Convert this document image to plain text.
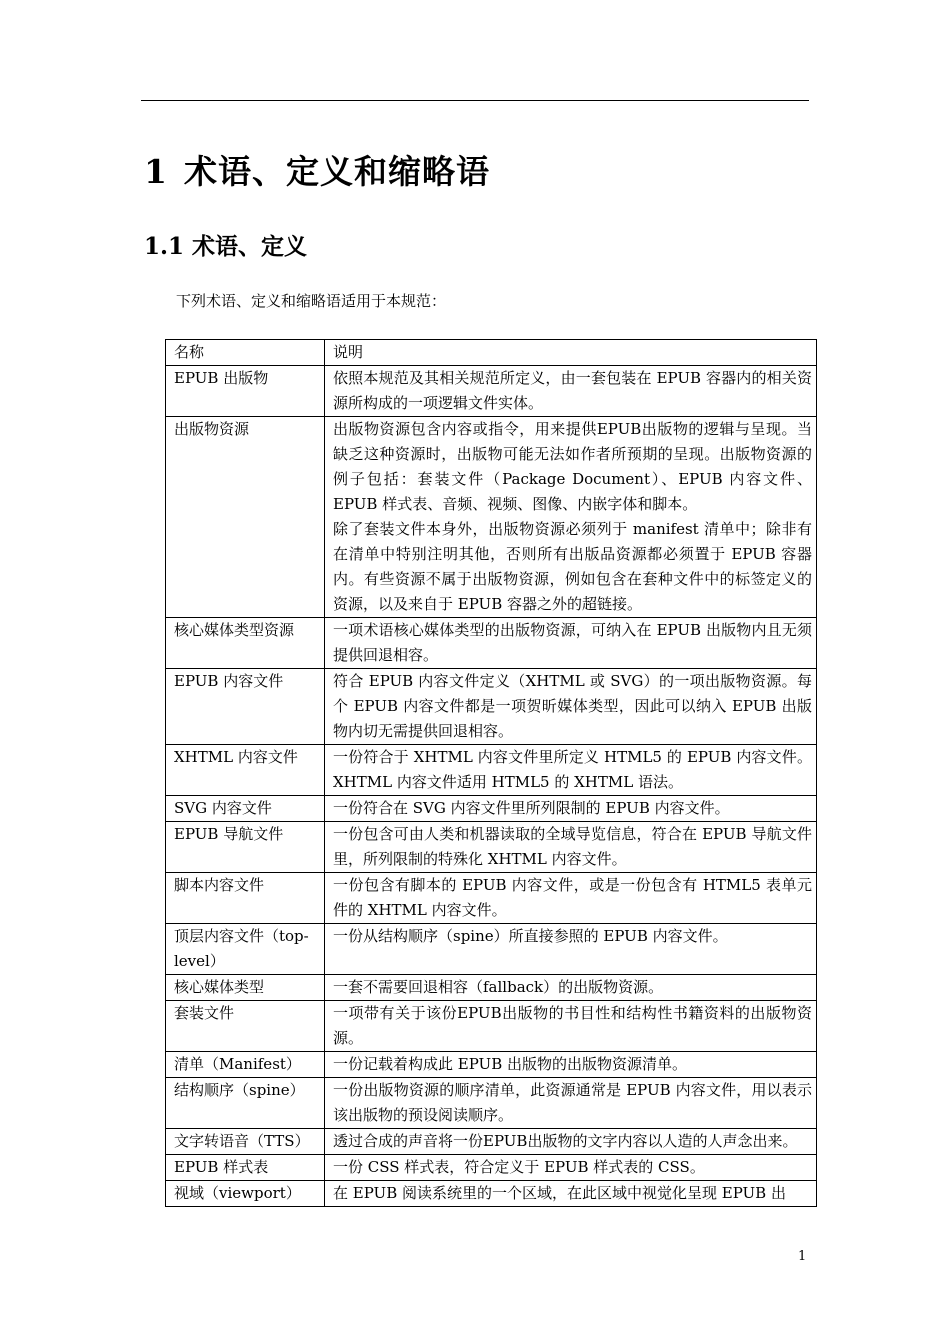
1 术语、定义和缩略语
1.1 术语、定义
下列术语、定义和缩略语适用于本规范：
名称	说明
EPUB 出版物	依照本规范及其相关规范所定义，由一套包装在 EPUB 容器内的相关资源所构成的一项逻辑文件实体。

出版物资源	出版物资源包含内容或指令，用来提供EPUB出版物的逻辑与呈现。当缺乏这种资源时，出版物可能无法如作者所预期的呈现。出版物资源的例子包括：套装文件（Package Document）、EPUB 内容文件、EPUB 样式表、音频、视频、图像、内嵌字体和脚本。
除了套装文件本身外，出版物资源必须列于 manifest 清单中；除非有在清单中特别注明其他，否则所有出版品资源都必须置于 EPUB 容器内。有些资源不属于出版物资源，例如包含在套种文件中的标签定义的资源，以及来自于 EPUB 容器之外的超链接。

核心媒体类型资源	一项术语核心媒体类型的出版物资源，可纳入在 EPUB 出版物内且无须提供回退相容。

EPUB 内容文件	符合 EPUB 内容文件定义（XHTML 或 SVG）的一项出版物资源。每个 EPUB 内容文件都是一项贺昕媒体类型，因此可以纳入 EPUB 出版物内切无需提供回退相容。

XHTML 内容文件	一份符合于 XHTML 内容文件里所定义 HTML5 的 EPUB 内容文件。XHTML 内容文件适用 HTML5 的 XHTML 语法。

SVG 内容文件	一份符合在 SVG 内容文件里所列限制的 EPUB 内容文件。

EPUB 导航文件	一份包含可由人类和机器读取的全域导览信息，符合在 EPUB 导航文件里，所列限制的特殊化 XHTML 内容文件。

脚本内容文件	一份包含有脚本的 EPUB 内容文件，或是一份包含有 HTML5 表单元件的 XHTML 内容文件。

顶层内容文件（top-level）	一份从结构顺序（spine）所直接参照的 EPUB 内容文件。

核心媒体类型	一套不需要回退相容（fallback）的出版物资源。

套装文件	一项带有关于该份EPUB出版物的书目性和结构性书籍资料的出版物资源。

清单（Manifest）	一份记载着构成此 EPUB 出版物的出版物资源清单。

结构顺序（spine）	一份出版物资源的顺序清单，此资源通常是 EPUB 内容文件，用以表示该出版物的预设阅读顺序。

文字转语音（TTS）	透过合成的声音将一份EPUB出版物的文字内容以人造的人声念出来。

EPUB 样式表	一份 CSS 样式表，符合定义于 EPUB 样式表的 CSS。

视域（viewport）	在 EPUB 阅读系统里的一个区域，在此区域中视觉化呈现 EPUB 出
1
